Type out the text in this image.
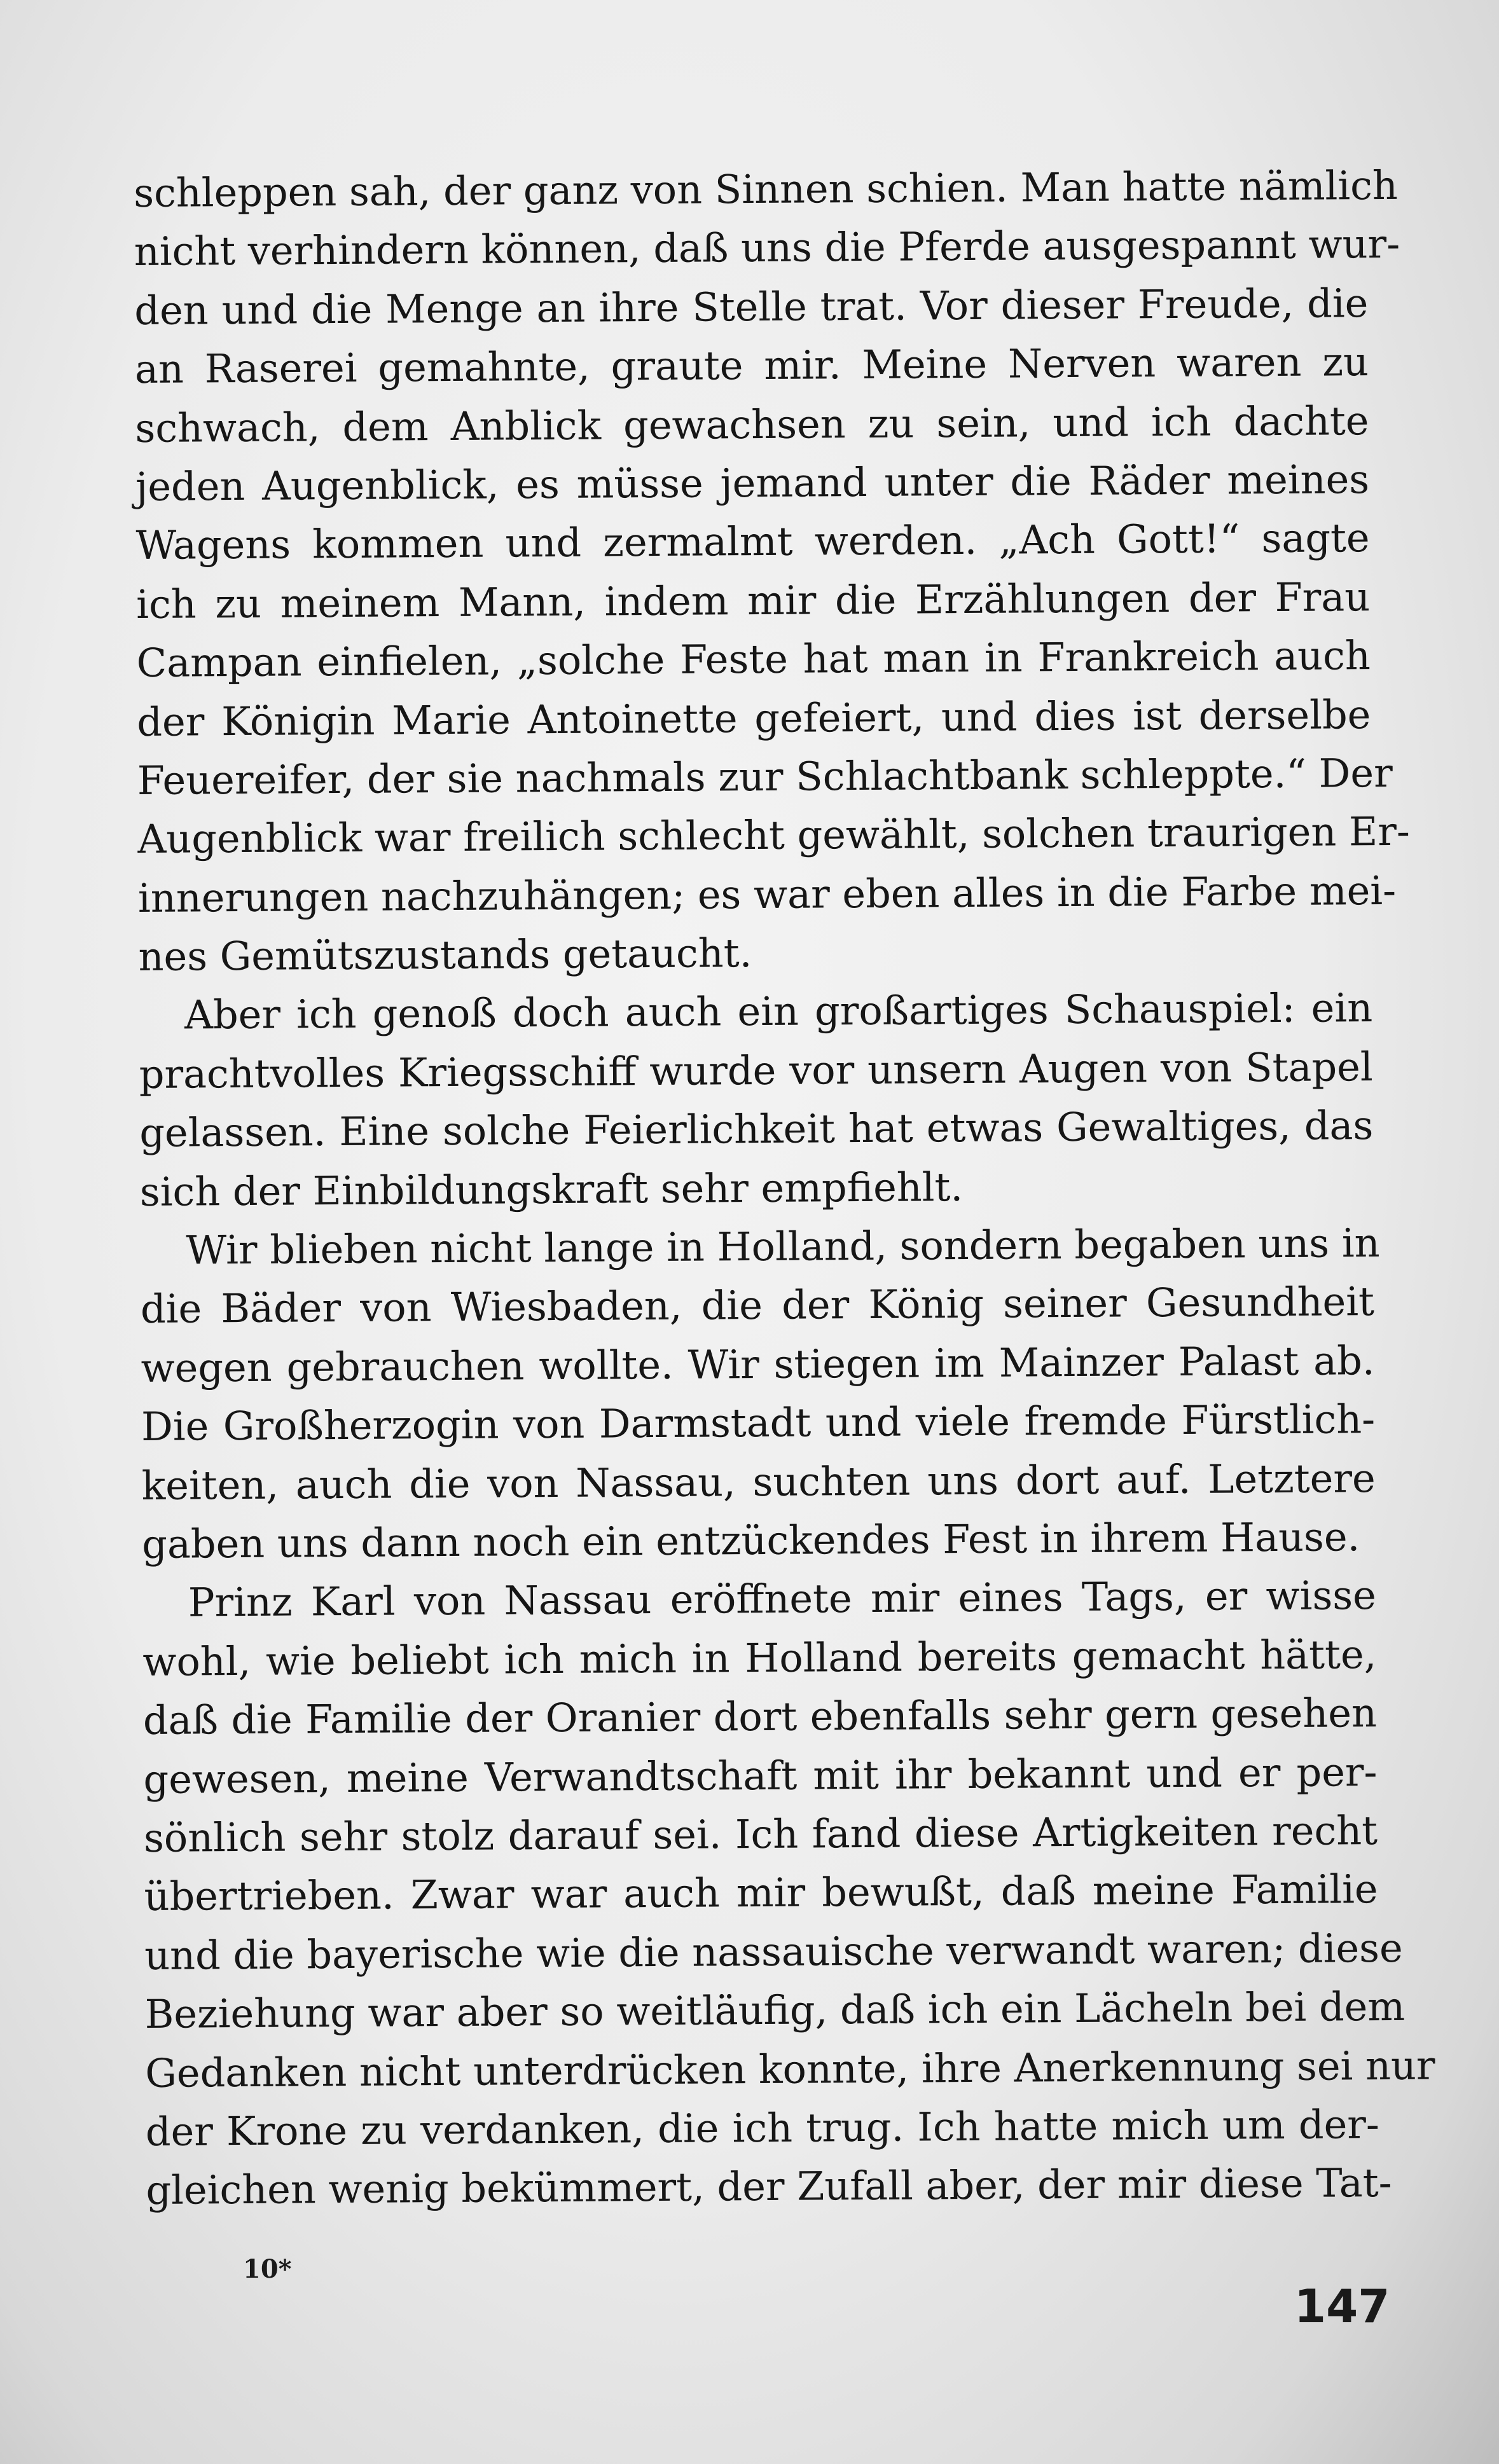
schleppen sah, der ganz von Sinnen schien. Man hatte nämlich
nicht verhindern können, daß uns die Pferde ausgespannt wur-
den und die Menge an ihre Stelle trat. Vor dieser Freude, die
an Raserei gemahnte, graute mir. Meine Nerven waren zu
schwach, dem Anblick gewachsen zu sein, und ich dachte
jeden Augenblick, es müsse jemand unter die Räder meines
Wagens kommen und zermalmt werden. „Ach Gott!“ sagte
ich zu meinem Mann, indem mir die Erzählungen der Frau
Campan einfielen, „solche Feste hat man in Frankreich auch
der Königin Marie Antoinette gefeiert, und dies ist derselbe
Feuereifer, der sie nachmals zur Schlachtbank schleppte.“ Der
Augenblick war freilich schlecht gewählt, solchen traurigen Er-
innerungen nachzuhängen; es war eben alles in die Farbe mei-
nes Gemütszustands getaucht.
Aber ich genoß doch auch ein großartiges Schauspiel: ein
prachtvolles Kriegsschiff wurde vor unsern Augen von Stapel
gelassen. Eine solche Feierlichkeit hat etwas Gewaltiges, das
sich der Einbildungskraft sehr empfiehlt.
Wir blieben nicht lange in Holland, sondern begaben uns in
die Bäder von Wiesbaden, die der König seiner Gesundheit
wegen gebrauchen wollte. Wir stiegen im Mainzer Palast ab.
Die Großherzogin von Darmstadt und viele fremde Fürstlich-
keiten, auch die von Nassau, suchten uns dort auf. Letztere
gaben uns dann noch ein entzückendes Fest in ihrem Hause.
Prinz Karl von Nassau eröffnete mir eines Tags, er wisse
wohl, wie beliebt ich mich in Holland bereits gemacht hätte,
daß die Familie der Oranier dort ebenfalls sehr gern gesehen
gewesen, meine Verwandtschaft mit ihr bekannt und er per-
sönlich sehr stolz darauf sei. Ich fand diese Artigkeiten recht
übertrieben. Zwar war auch mir bewußt, daß meine Familie
und die bayerische wie die nassauische verwandt waren; diese
Beziehung war aber so weitläufig, daß ich ein Lächeln bei dem
Gedanken nicht unterdrücken konnte, ihre Anerkennung sei nur
der Krone zu verdanken, die ich trug. Ich hatte mich um der-
gleichen wenig bekümmert, der Zufall aber, der mir diese Tat-
10*
147
